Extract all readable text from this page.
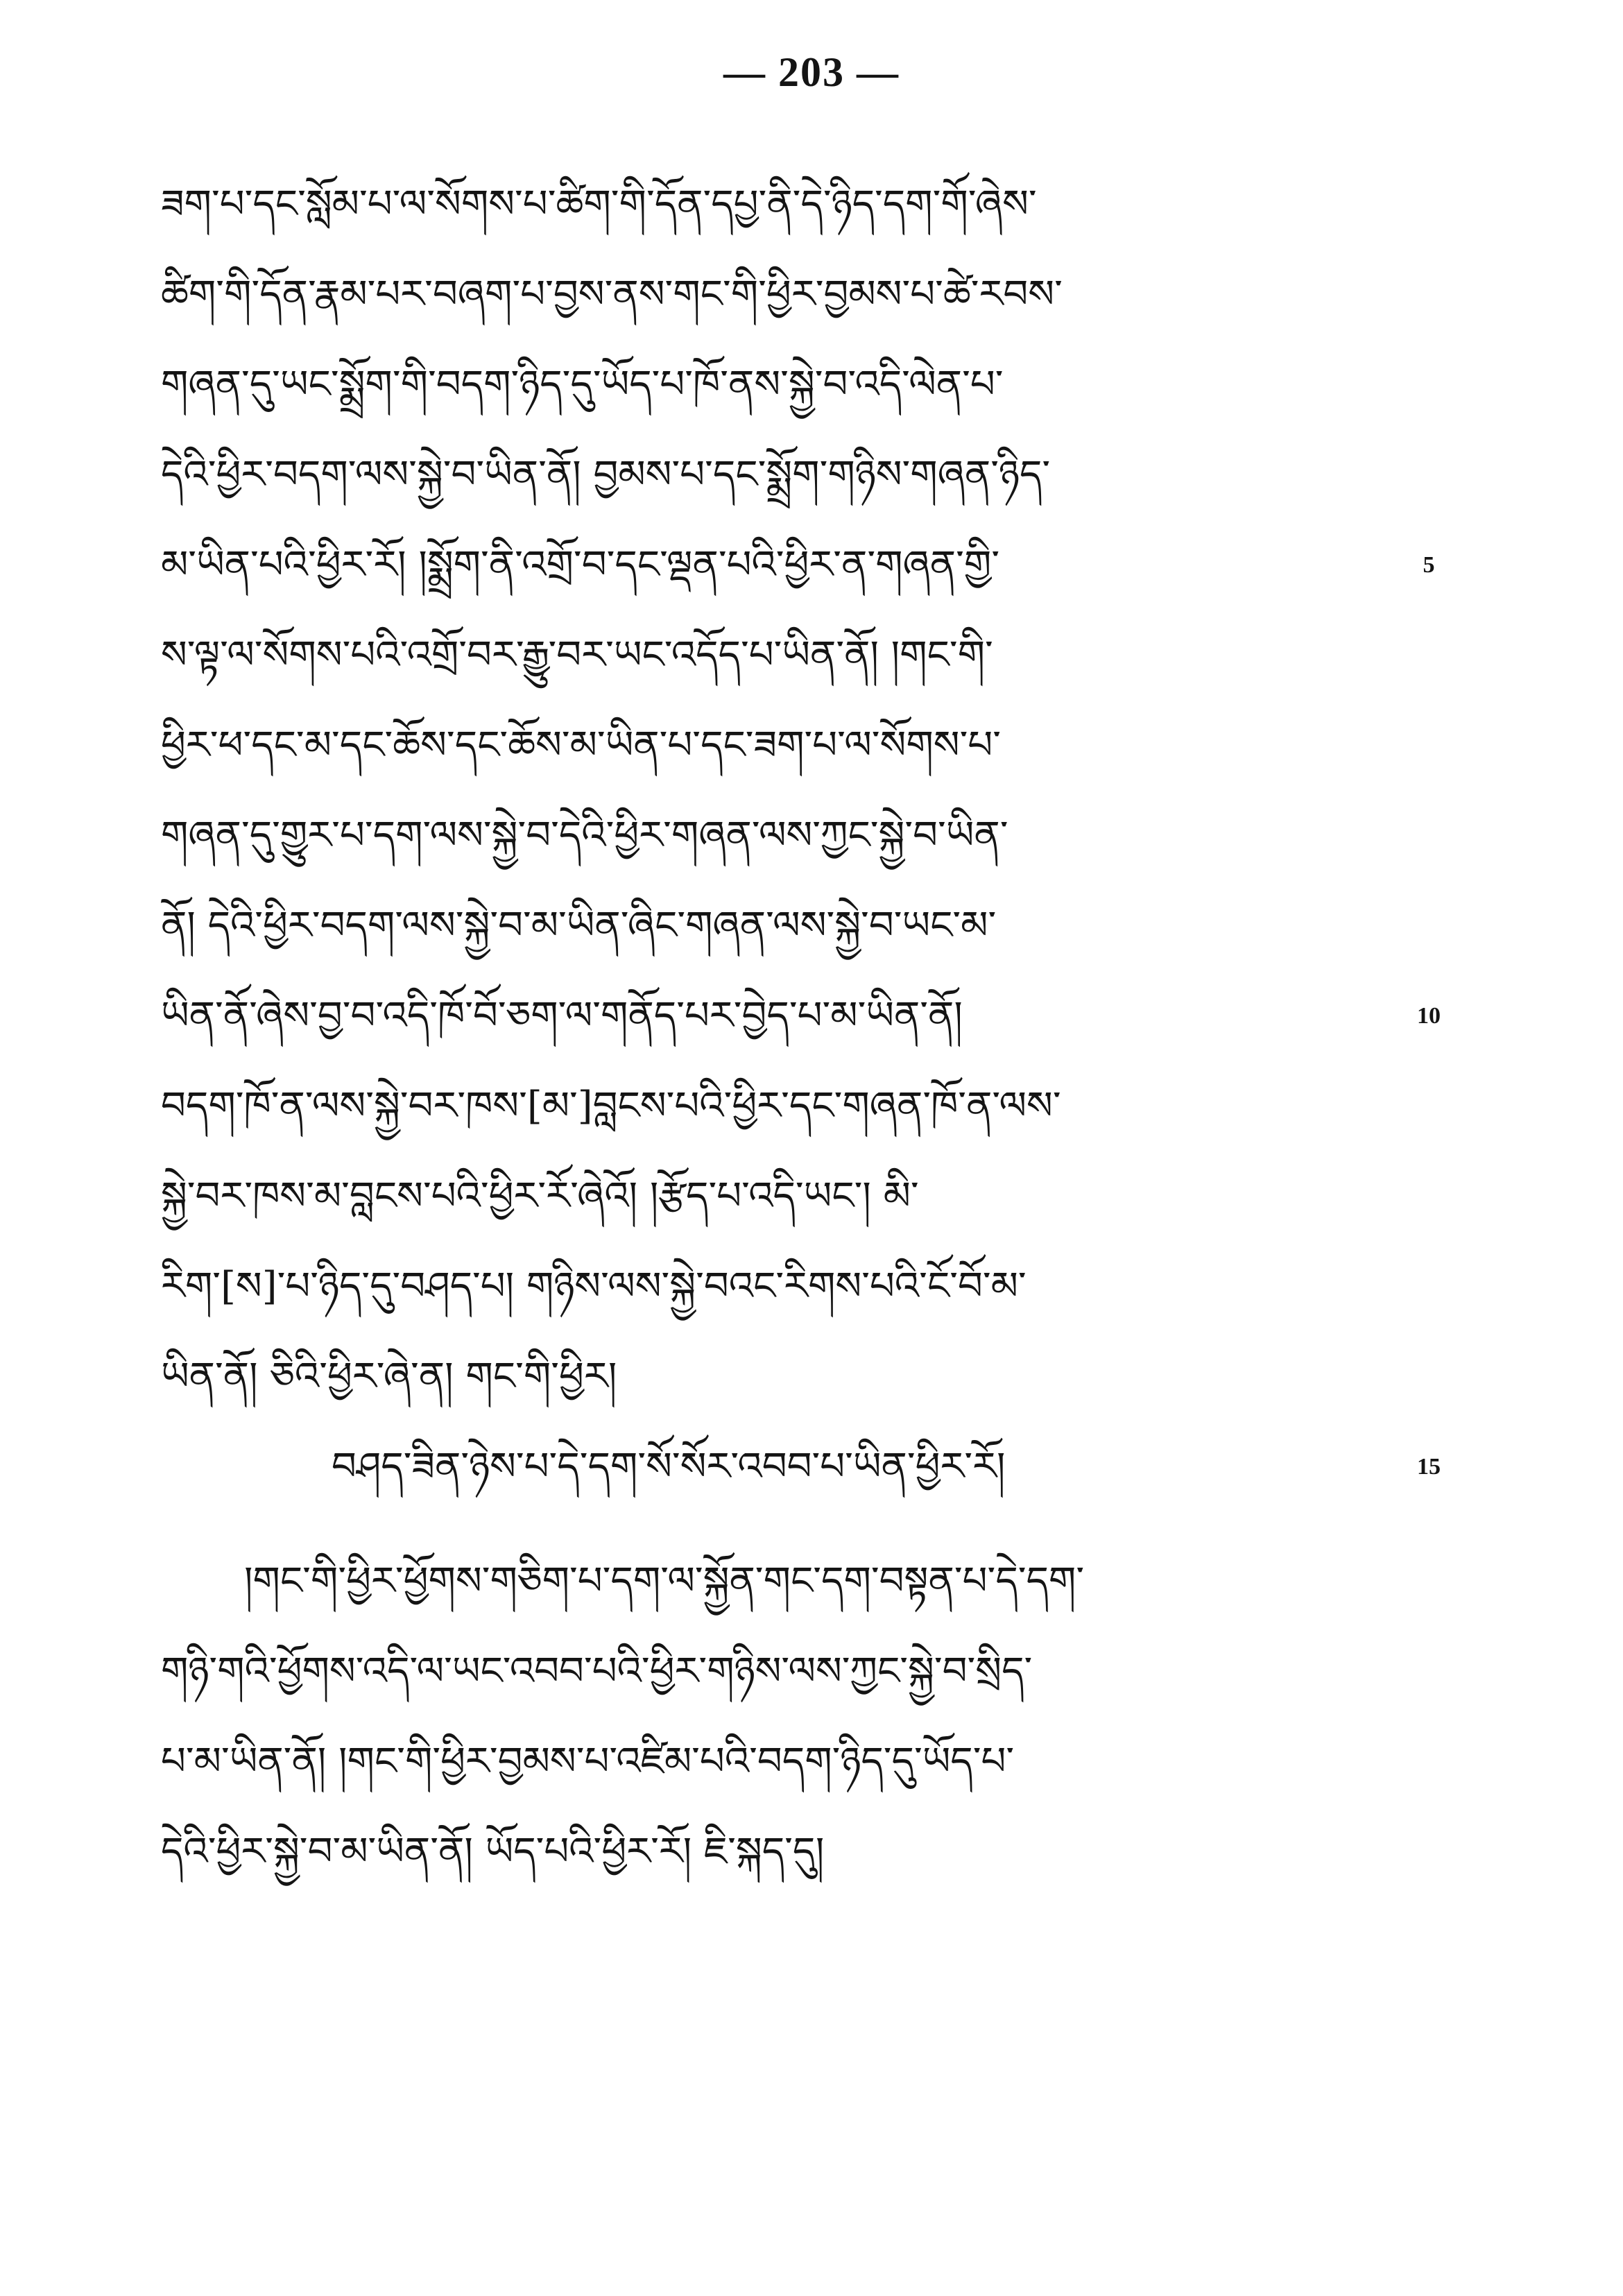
— 203 —
ཟག་པ་དང་སློམ་པ་ལ་སོགས་པ་ཚིག་གི་དོན་དཔྱ་ནི་དེ་ཉིད་དག་གོ་ཞེས་
ཚིག་གི་དོན་རྣམ་པར་བཞག་པ་བྱས་ནས་གང་གི་ཕྱིར་བྱམས་པ་ཚེ་རབས་
གཞན་དུ་ཡང་སྨྲོག་གི་བདག་ཉིད་དུ་ཡོད་པ་ཁོ་ནས་སྐྱེ་བ་འདི་ལེན་པ་
དེའི་ཕྱིར་བདག་ལས་སྐྱེ་བ་ཡིན་ནོ། བྱམས་པ་དང་སྨྲོག་གཉིས་གཞན་ཉིད་
མ་ཡིན་པའི་ཕྱིར་རོ། །སྨྲོག་ནི་འགྲོ་བ་དང་ལྡན་པའི་ཕྱིར་ན་གཞན་གྱི་
ས་ལྟ་ལ་སོགས་པའི་འགྲོ་བར་རྒྱུ་བར་ཡང་འདོད་པ་ཡིན་ནོ། །གང་གི་
ཕྱིར་ཕ་དང་མ་དང་ཆོས་དང་ཆོས་མ་ཡིན་པ་དང་ཟག་པ་ལ་སོགས་པ་
གཞན་དུ་གྱུར་པ་དག་ལས་སྐྱེ་བ་དེའི་ཕྱིར་གཞན་ལས་ཀྱང་སྐྱེ་བ་ཡིན་
ནོ། དེའི་ཕྱིར་བདག་ལས་སྐྱེ་བ་མ་ཡིན་ཞིང་གཞན་ལས་སྐྱེ་བ་ཡང་མ་
ཡིན་ནོ་ཞེས་བྱ་བ་འདི་ཁོ་བོ་ཅག་ལ་གནོད་པར་བྱེད་པ་མ་ཡིན་ནོ།
བདག་ཁོ་ན་ལས་སྐྱེ་བར་ཁས་[མ་]བླངས་པའི་ཕྱིར་དང་གཞན་ཁོ་ན་ལས་
སྐྱེ་བར་ཁས་མ་བླངས་པའི་ཕྱིར་རོ་ཞེའོ། །རྩོད་པ་འདི་ཡང་། མི་
རིག་[ས]་པ་ཉིད་དུ་བཤད་པ། གཉིས་ལས་སྐྱེ་བའང་རིགས་པའི་ངོ་བོ་མ་
ཡིན་ནོ། ཅིའི་ཕྱིར་ཞེ་ན། གང་གི་ཕྱིར།
བཤད་ཟིན་ཉེས་པ་དེ་དག་སོ་སོར་འབབ་པ་ཡིན་ཕྱིར་རོ།
།གང་གི་ཕྱིར་ཕྱོགས་གཅིག་པ་དག་ལ་སྐྱོན་གང་དག་བསྟན་པ་དེ་དག་
གཉི་གའི་ཕྱོགས་འདི་ལ་ཡང་འབབ་པའི་ཕྱིར་གཉིས་ལས་ཀྱང་སྐྱེ་བ་སྲིད་
པ་མ་ཡིན་ནོ། །གང་གི་ཕྱིར་བྱམས་པ་འཛིམ་པའི་བདག་ཉིད་དུ་ཡོད་པ་
དེའི་ཕྱིར་སྐྱེ་བ་མ་ཡིན་ནོ། ཡོད་པའི་ཕྱིར་རོ། ཇི་སྐད་དུ།
5
10
15
